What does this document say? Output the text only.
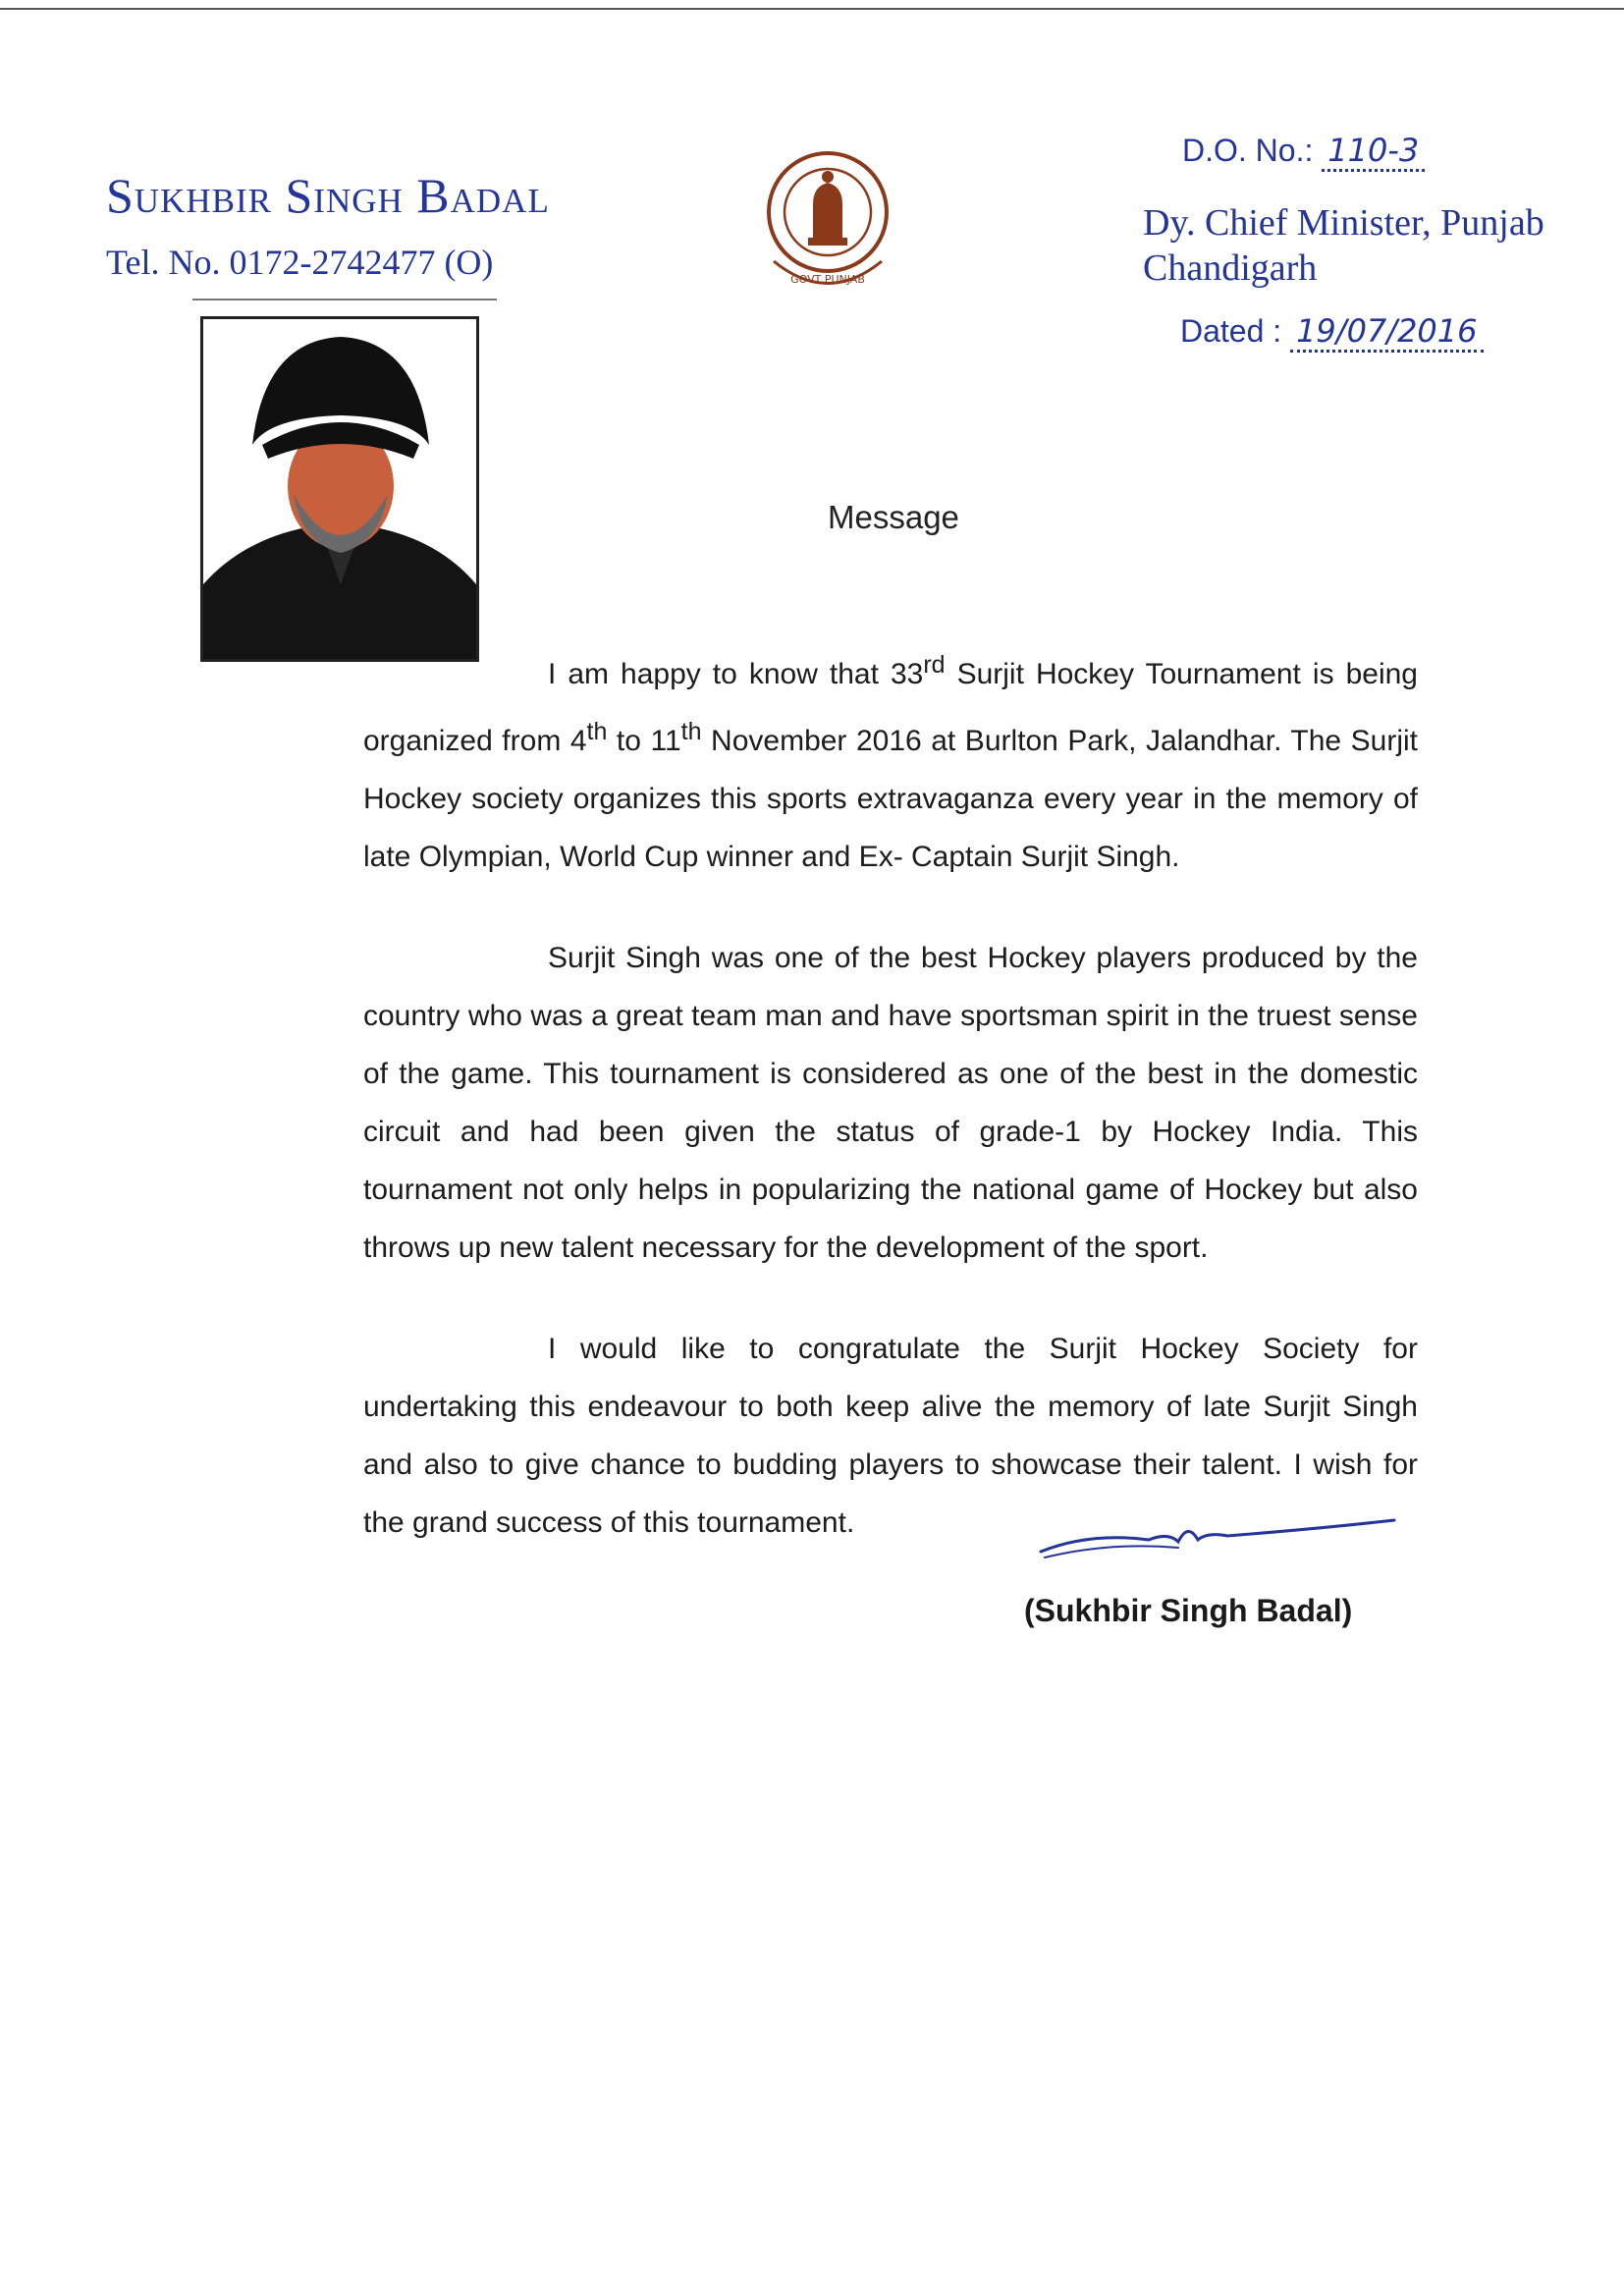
Sukhbir Singh Badal
Tel. No. 0172-2742477 (O)	GOVT PUNJAB
D.O. No.: 110-3
Dy. Chief Minister, Punjab
Chandigarh
Dated : 19/07/2016
Message

I am happy to know that 33rd Surjit Hockey Tournament is being organized from 4th to 11th November 2016 at Burlton Park, Jalandhar. The Surjit Hockey society organizes this sports extravaganza every year in the memory of late Olympian, World Cup winner and Ex- Captain Surjit Singh.

Surjit Singh was one of the best Hockey players produced by the country who was a great team man and have sportsman spirit in the truest sense of the game. This tournament is considered as one of the best in the domestic circuit and had been given the status of grade-1 by Hockey India. This tournament not only helps in popularizing the national game of Hockey but also throws up new talent necessary for the development of the sport.

I would like to congratulate the Surjit Hockey Society for undertaking this endeavour to both keep alive the memory of late Surjit Singh and also to give chance to budding players to showcase their talent. I wish for the grand success of this tournament.

(Sukhbir Singh Badal)
